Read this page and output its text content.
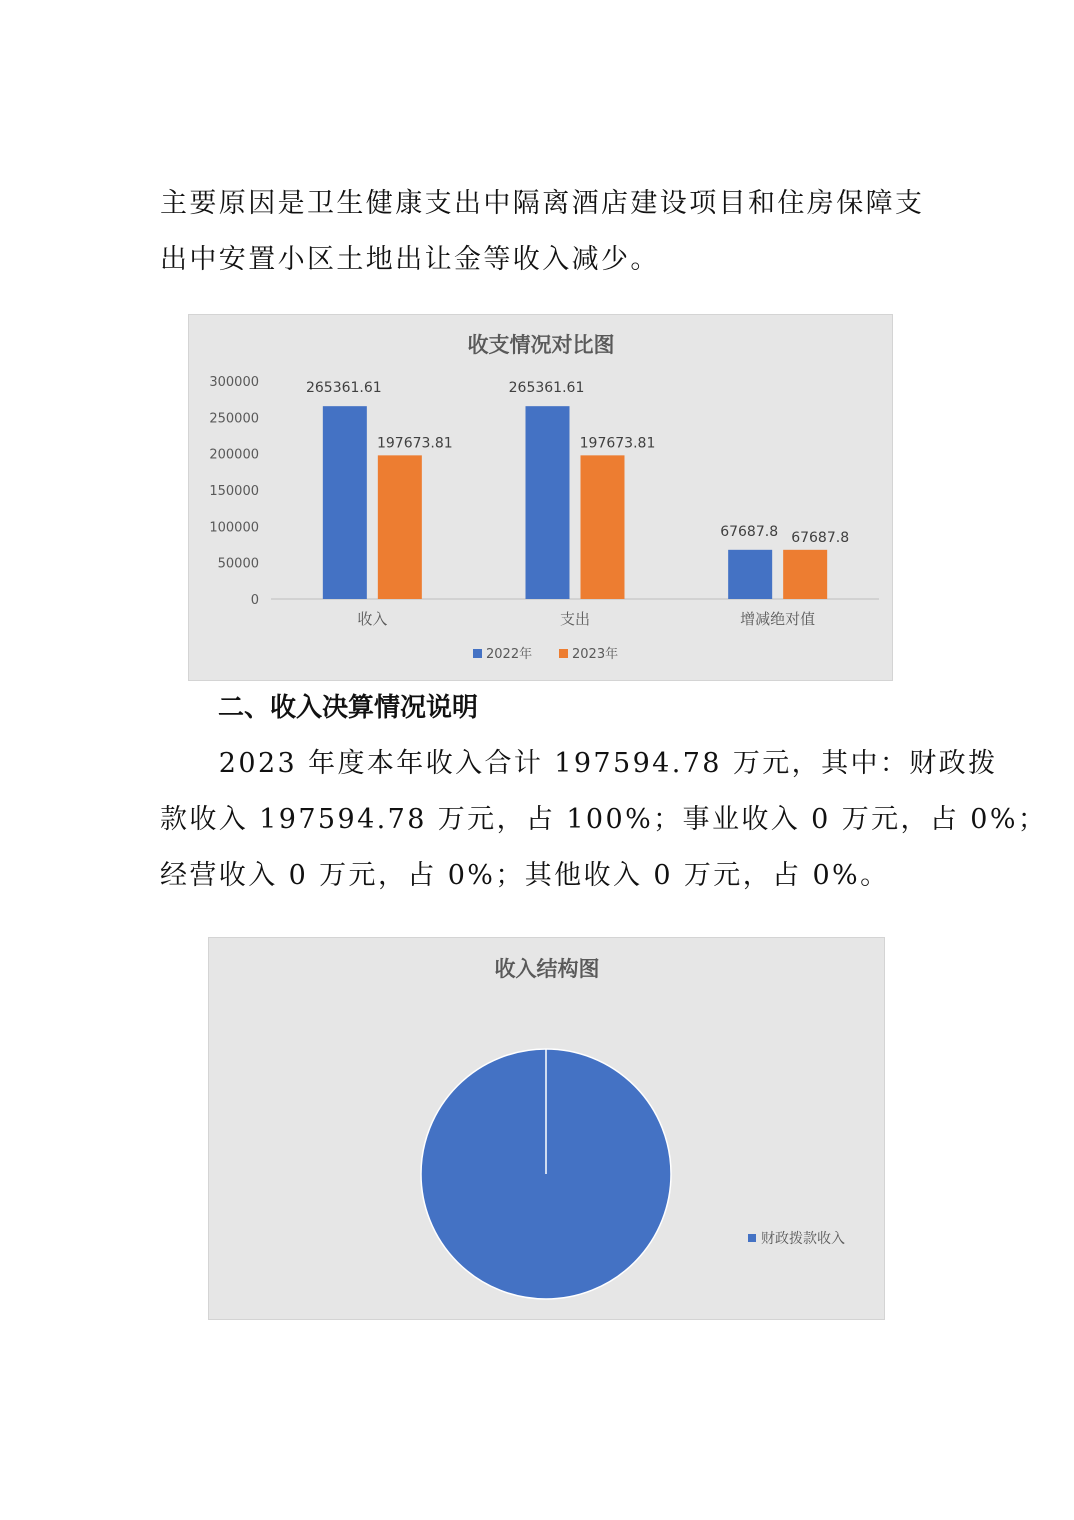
主要原因是卫生健康支出中隔离酒店建设项目和住房保障支
出中安置小区土地出让金等收入减少。
收支情况对比图
0
50000
100000
150000
200000
250000
300000	265361.61
197673.81
265361.61
197673.81
67687.8 67687.8
收入	支出	增减绝对值
2022年	2023年
二、收入决算情况说明
　　2023 年度本年收入合计 197594.78 万元，其中：财政拨
款收入 197594.78 万元，占 100%；事业收入 0 万元，占 0%；
经营收入 0 万元，占 0%；其他收入 0 万元，占 0%。
收入结构图
财政拨款收入
